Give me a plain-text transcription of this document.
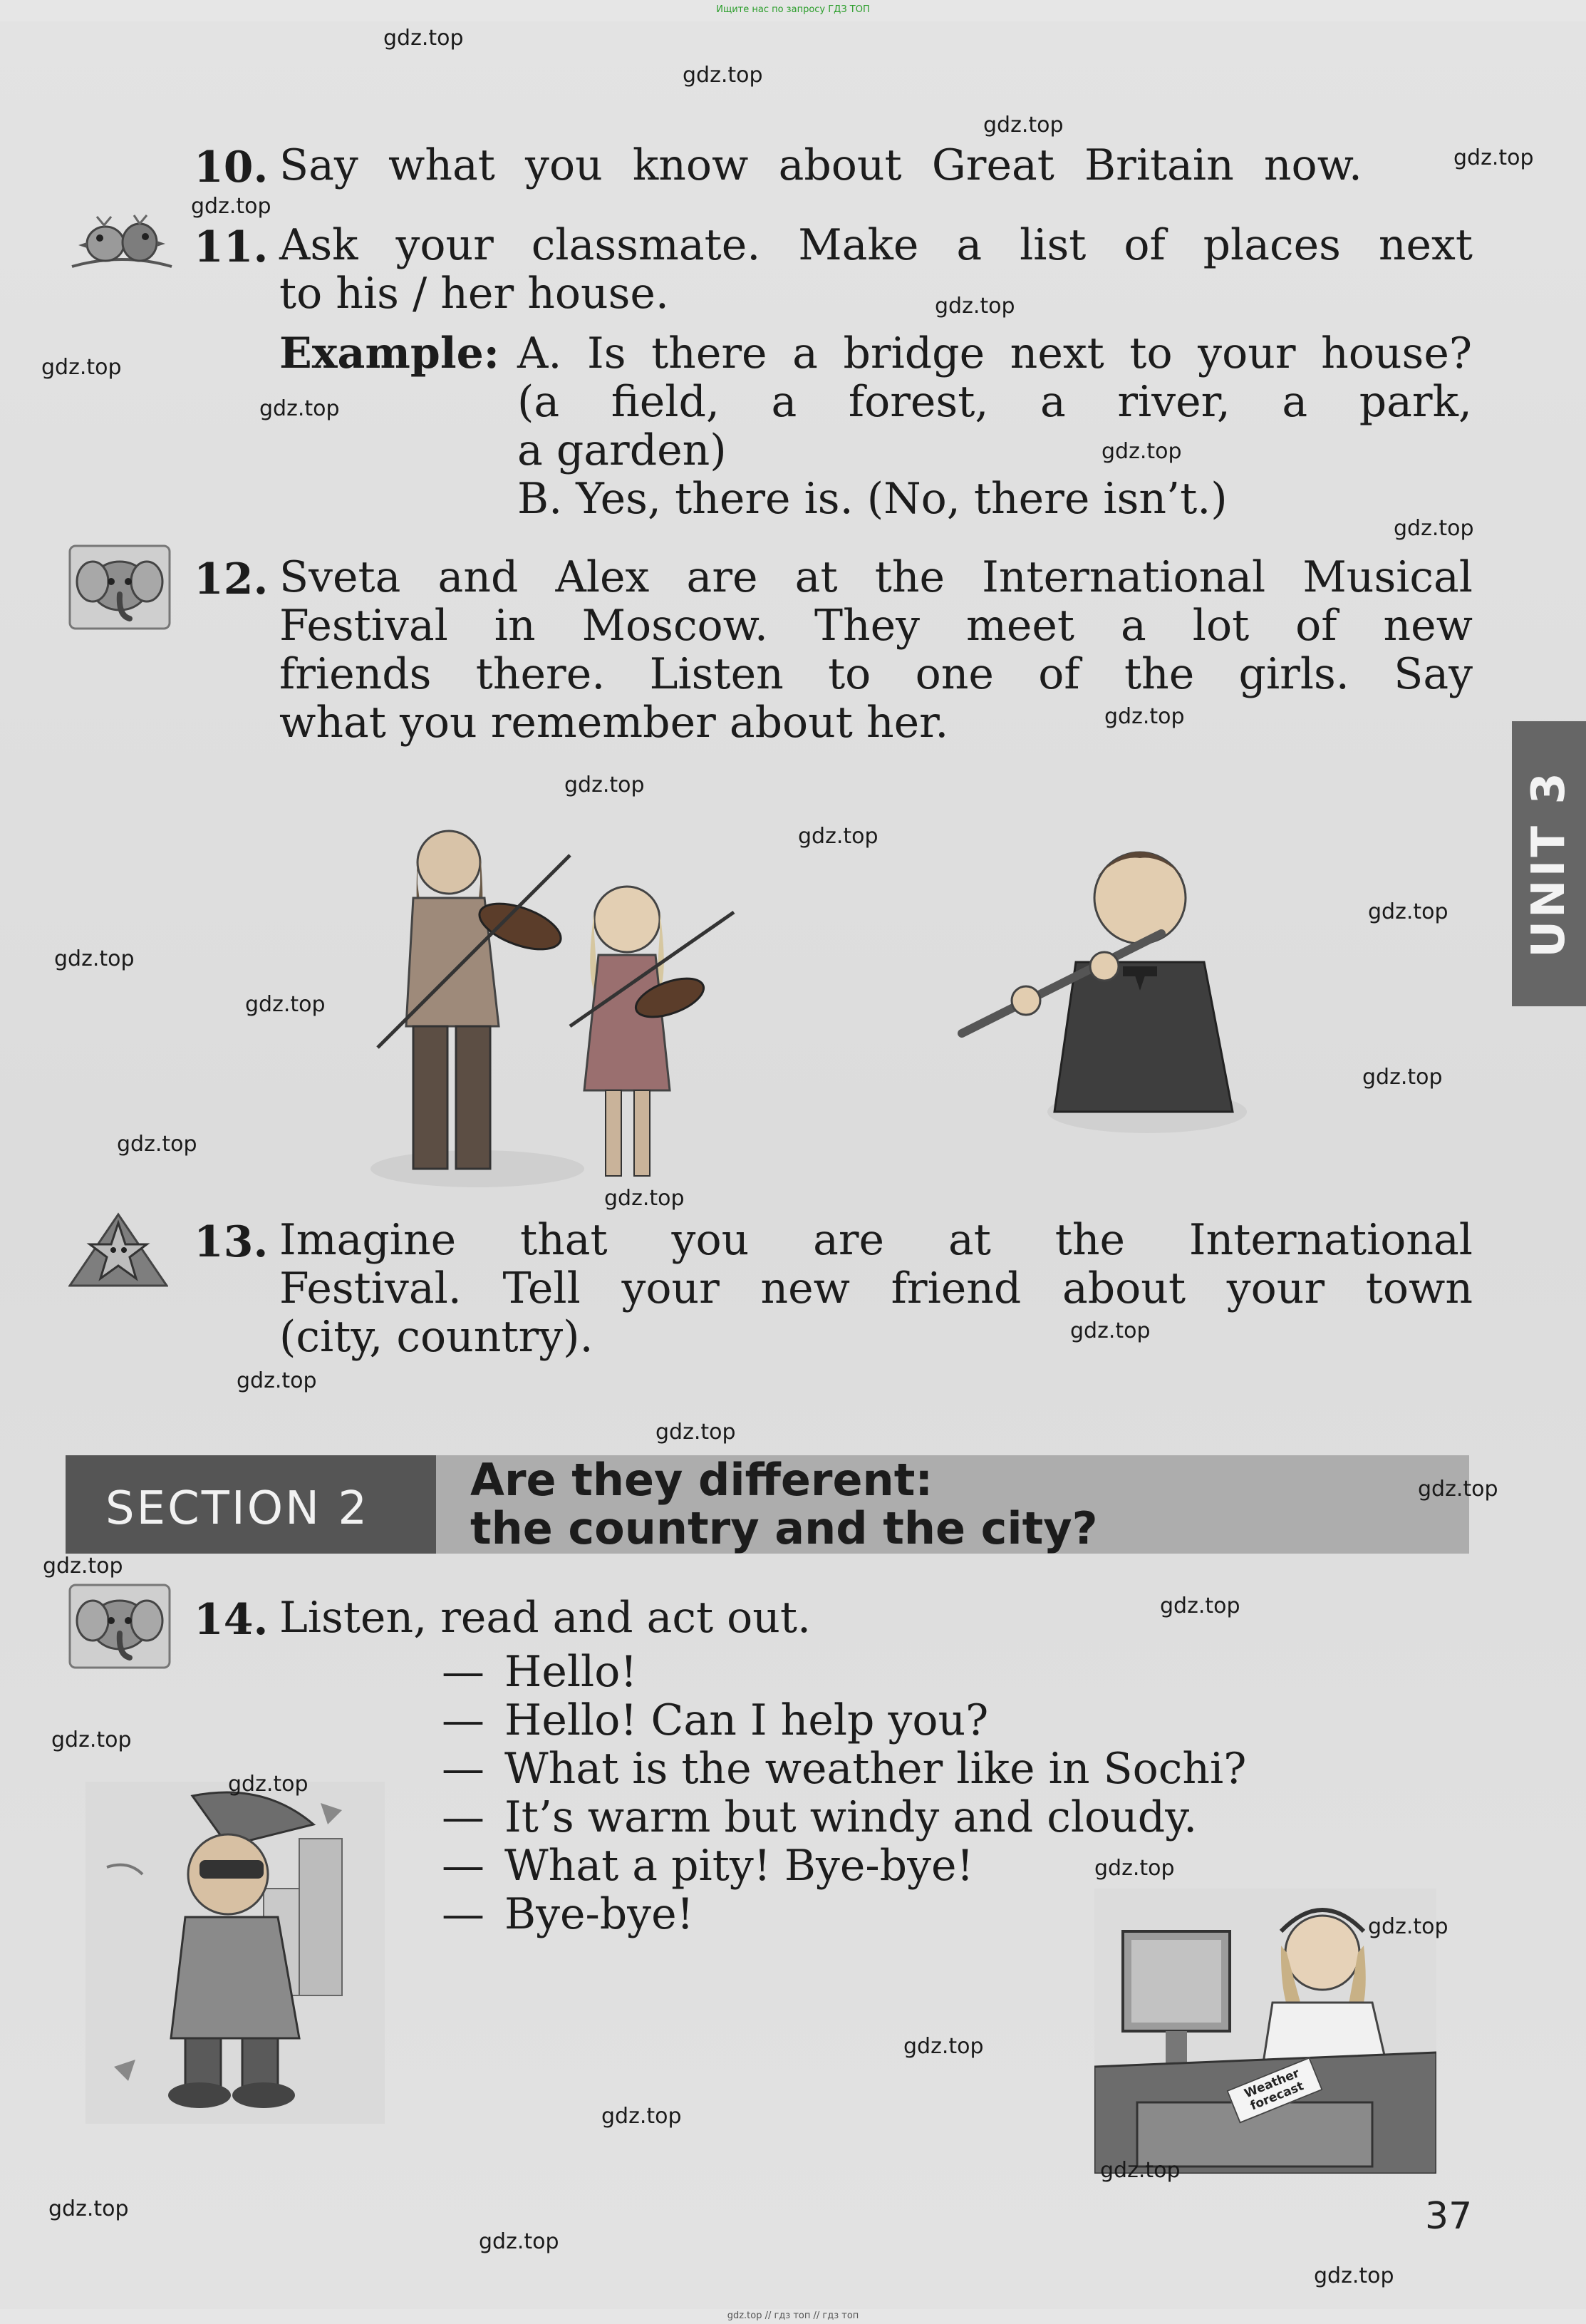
Ищите нас по запросу ГДЗ ТОП
10. Say what you know about Great Britain now.
11. Ask your classmate. Make a list of places next
to his / her house.
Example: A. Is there a bridge next to your house?
(a field, a forest, a river, a park,
a garden)
B. Yes, there is. (No, there isn’t.)
12. Sveta and Alex are at the International Musical
Festival in Moscow. They meet a lot of new
friends there. Listen to one of the girls. Say
what you remember about her.
13. Imagine that you are at the International
Festival. Tell your new friend about your town
(city, country).
SECTION 2
Are they different:
the country and the city?
14. Listen, read and act out.
— Hello!
— Hello! Can I help you?
— What is the weather like in Sochi?
— It’s warm but windy and cloudy.
— What a pity! Bye-bye!
— Bye-bye!
Weather forecast
UNIT 3
37
gdz.top
gdz.top
gdz.top
gdz.top
gdz.top
gdz.top
gdz.top
gdz.top
gdz.top
gdz.top
gdz.top
gdz.top
gdz.top
gdz.top
gdz.top
gdz.top
gdz.top
gdz.top
gdz.top
gdz.top
gdz.top
gdz.top
gdz.top
gdz.top
gdz.top
gdz.top
gdz.top
gdz.top
gdz.top
gdz.top
gdz.top
gdz.top
gdz.top
gdz.top
gdz.top
gdz.top // гдз топ // гдз топ
